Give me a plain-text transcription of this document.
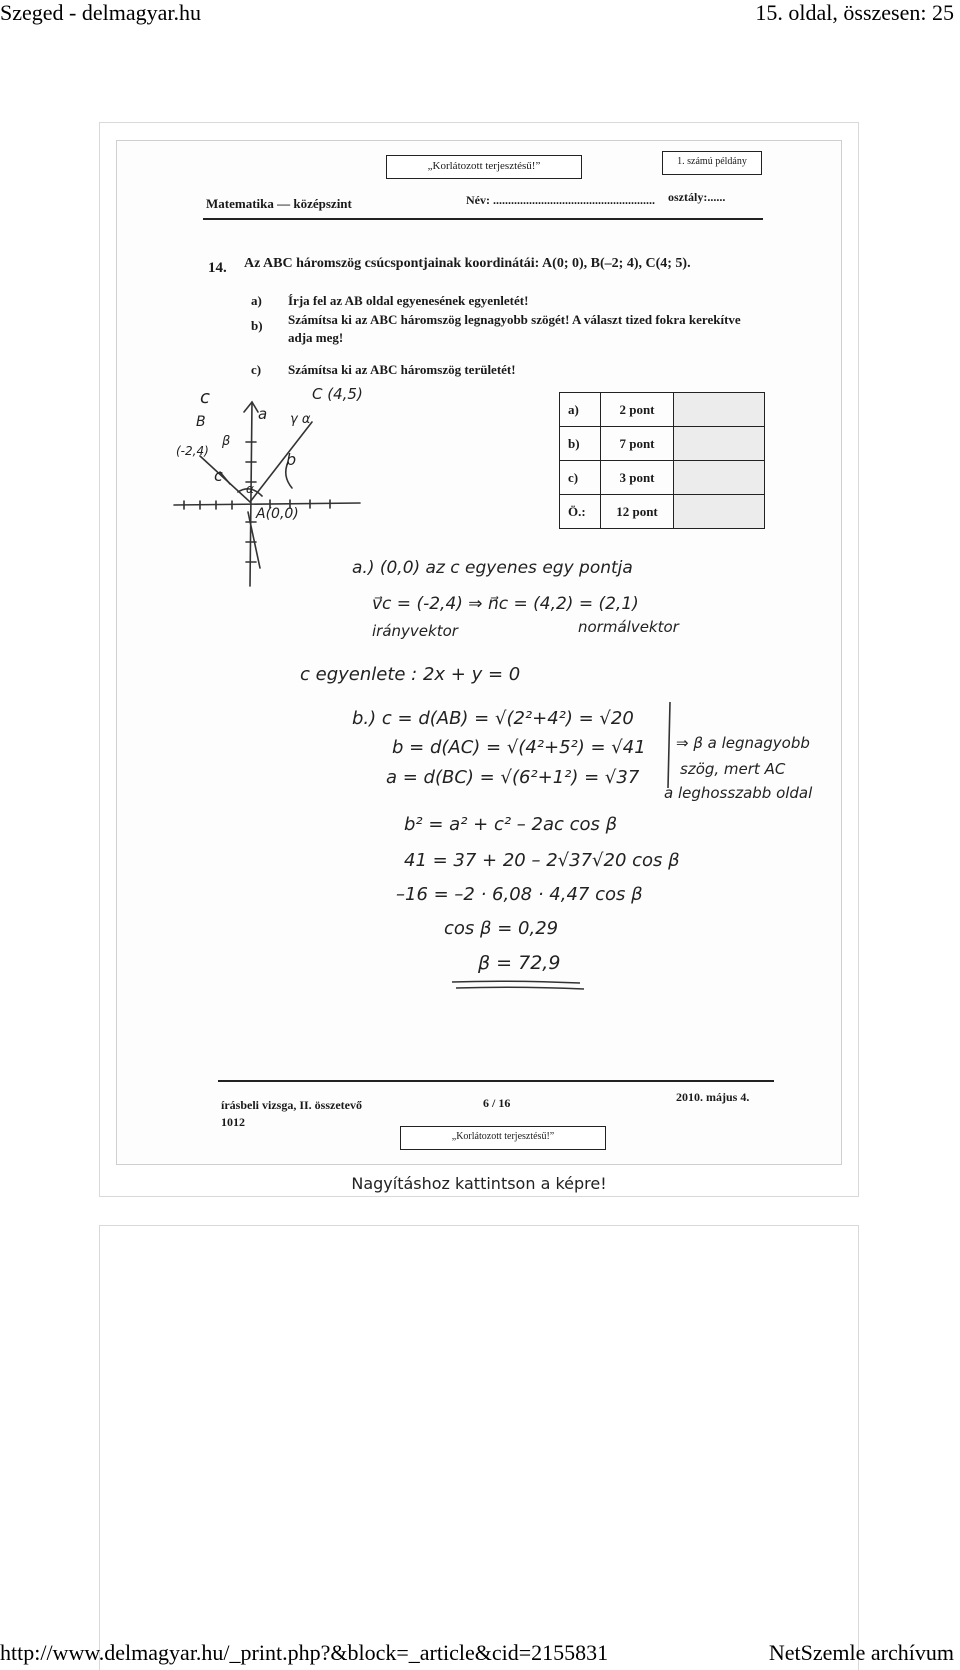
Szeged - delmagyar.hu	15. oldal, összesen: 25
„Korlátozott terjesztésű!”	1. számú példány
Matematika — középszint	Név: ...................................................... osztály:......
14. Az ABC háromszög csúcspontjainak koordinátái: A(0; 0), B(–2; 4), C(4; 5).
a) Írja fel az AB oldal egyenesének egyenletét!
b) Számítsa ki az ABC háromszög legnagyobb szögét! A választ tized fokra kerekítve adja meg!
c) Számítsa ki az ABC háromszög területét!
a)	2 pont	
b)	7 pont	
c)	3 pont	
Ö.:	12 pont	
c
a
C (4,5)
B
(-2,4)
β
γ α
b
c
α
A(0,0)
a.) (0,0) az c egyenes egy pontja
v⃗c = (-2,4) ⇒ n⃗c = (4,2) = (2,1)
irányvektor	normálvektor
c egyenlete : 2x + y = 0
b.) c = d(AB) = √(2²+4²) = √20
b = d(AC) = √(4²+5²) = √41
a = d(BC) = √(6²+1²) = √37
⇒ β a legnagyobb
szög, mert AC
a leghosszabb oldal
b² = a² + c² – 2ac cos β
41 = 37 + 20 – 2√37√20 cos β
–16 = –2 · 6,08 · 4,47 cos β
cos β = 0,29
β = 72,9
írásbeli vizsga, II. összetevő
1012
6 / 16	2010. május 4.
„Korlátozott terjesztésű!”
Nagyításhoz kattintson a képre!
http://www.delmagyar.hu/_print.php?&block=_article&cid=2155831	NetSzemle archívum
